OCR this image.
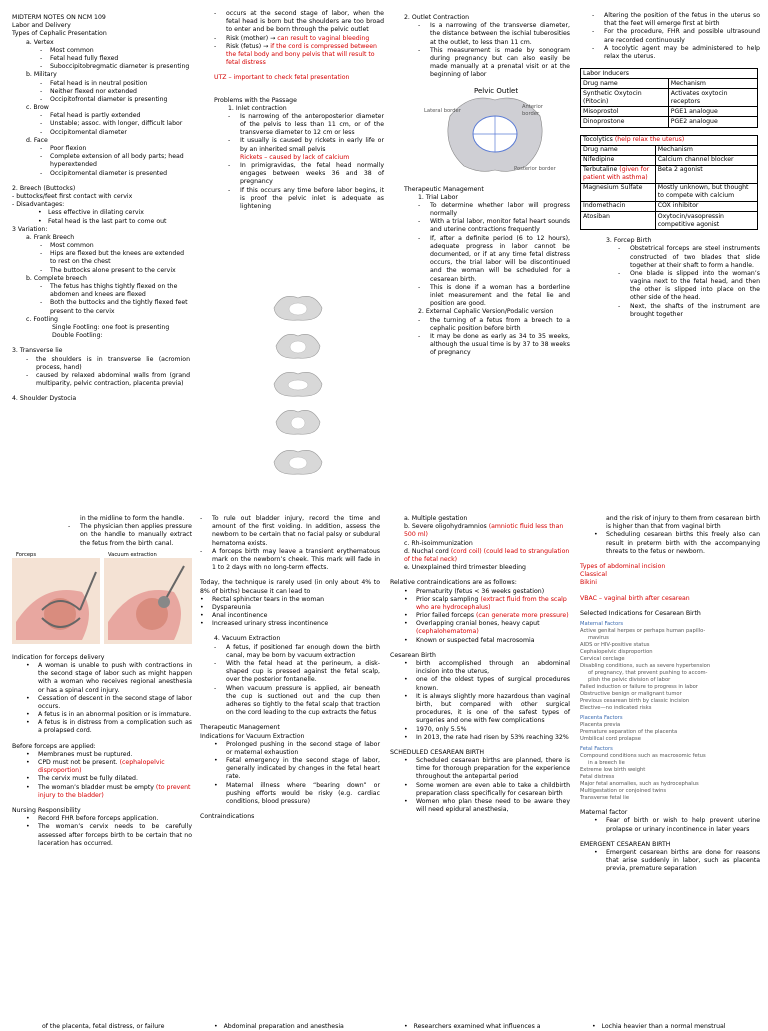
MIDTERM NOTES ON NCM 109

Labor and Delivery

Types of Cephalic Presentation

a. Vertex

-	Most common
-	Fetal head fully flexed
-	Suboccipitobregmatic diameter is presenting

b. Military

-	Fetal head is in neutral position
-	Neither flexed nor extended
-	Occipitofrontal diameter is presenting

c. Brow

-	Fetal head is partly extended
-	Unstable; assoc. with longer, difficult labor
-	Occipitomental diameter

d. Face

-	Poor flexion
-	Complete extension of all body parts; head hyperextended
-	Occipitomental diameter is presented

2. Breech (Buttocks)

- buttocks/feet first contact with cervix

- Disadvantages:

•	Less effective in dilating cervix
•	Fetal head is the last part to come out

3 Variation:

a. Frank Breech

-	Most common
-	Hips are flexed but the knees are extended to rest on the chest
-	The buttocks alone present to the cervix

b. Complete breech

-	The fetus has thighs tightly flexed on the abdomen and knees are flexed
-	Both the buttocks and the tightly flexed feet present to the cervix

c. Footling

Single Footling: one foot is presenting

Double Footling:

3. Transverse lie

-	the shoulders is in transverse lie (acromion process, hand)
-	caused by relaxed abdominal walls from (grand multiparity, pelvic contraction, placenta previa)

4. Shoulder Dystocia

-	occurs at the second stage of labor, when the fetal head is born but the shoulders are too broad to enter and be born through the pelvic outlet
-	Risk (mother) → can result to vaginal bleeding
-	Risk (fetus) → if the cord is compressed between the fetal body and bony pelvis that will result to fetal distress

UTZ – important to check fetal presentation

Problems with the Passage

1. Inlet contraction

-	Is narrowing of the anteroposterior diameter of the pelvis to less than 11 cm, or of the transverse diameter to 12 cm or less
-	It usually is caused by rickets in early life or by an inherited small pelvis

Rickets – caused by lack of calcium

-	In primigravidas, the fetal head normally engages between weeks 36 and 38 of pregnancy
-	If this occurs any time before labor begins, it is proof the pelvic inlet is adequate as lightening

2. Outlet Contraction

-	Is a narrowing of the transverse diameter, the distance between the ischial tuberosities at the outlet, to less than 11 cm.
-	This measurement is made by sonogram during pregnancy but can also easily be made manually at a prenatal visit or at the beginning of labor
Pelvic Outlet
Lateral border
Anterior border
Posterior border

Therapeutic Management

1. Trial Labor

-	To determine whether labor will progress normally
-	With a trial labor, monitor fetal heart sounds and uterine contractions frequently
-	If, after a definite period (6 to 12 hours), adequate progress in labor cannot be documented, or if at any time fetal distress occurs, the trial labor will be discontinued and the woman will be scheduled for a cesarean birth.
-	This is done if a woman has a borderline inlet measurement and the fetal lie and position are good.

2. External Cephalic Version/Podalic version

-	the turning of a fetus from a breech to a cephalic position before birth
-	It may be done as early as 34 to 35 weeks, although the usual time is by 37 to 38 weeks of pregnancy
-	Altering the position of the fetus in the uterus so that the feet will emerge first at birth
-	For the procedure, FHR and possible ultrasound are recorded continuously
-	A tocolytic agent may be administered to help relax the uterus.
Labor Inducers	
Drug name	Mechanism
Synthetic Oxytocin (Pitocin)	Activates oxytocin receptors
Misoprostol	PGE1 analogue
Dinoprostone	PGE2 analogue
Tocolytics (help relax the uterus)	
Drug name	Mechanism
Nifedipine	Calcium channel blocker
Terbutaline (given for patient with asthma)	Beta 2 agonist
Magnesium Sulfate	Mostly unknown, but thought to compete with calcium
Indomethacin	COX inhibitor
Atosiban	Oxytocin/vasopressin competitive agonist

3. Forcep Birth

-	Obstetrical forceps are steel instruments constructed of two blades that slide together at their shaft to form a handle.
-	One blade is slipped into the woman’s vagina next to the fetal head, and then the other is slipped into place on the other side of the head.
-	Next, the shafts of the instrument are brought together
in the midline to form the handle.
-	The physician then applies pressure on the handle to manually extract the fetus from the birth canal.
Forceps	Vacuum extraction

Indication for forceps delivery

•	A woman is unable to push with contractions in the second stage of labor such as might happen with a woman who receives regional anesthesia or has a spinal cord injury.
•	Cessation of descent in the second stage of labor occurs.
•	A fetus is in an abnormal position or is immature.
•	A fetus is in distress from a complication such as a prolapsed cord.

Before forceps are applied:

•	Membranes must be ruptured.
•	CPD must not be present. (cephalopelvic disproportion)
•	The cervix must be fully dilated.
•	The woman’s bladder must be empty (to prevent injury to the bladder)

Nursing Responsibility

•	Record FHR before forceps application.
•	The woman’s cervix needs to be carefully assessed after forceps birth to be certain that no laceration has occurred.

of the placenta, fetal distress, or failure

-	To rule out bladder injury, record the time and amount of the first voiding. In addition, assess the newborn to be certain that no facial palsy or subdural hematoma exists.
-	A forceps birth may leave a transient erythematous mark on the newborn’s cheek. This mark will fade in 1 to 2 days with no long-term effects.

Today, the technique is rarely used (in only about 4% to 8% of births) because it can lead to

•	Rectal sphincter tears in the woman
•	Dyspareunia
•	Anal incontinence
•	Increased urinary stress incontinence

4. Vacuum Extraction

-	A fetus, if positioned far enough down the birth canal, may be born by vacuum extraction
-	With the fetal head at the perineum, a disk-shaped cup is pressed against the fetal scalp, over the posterior fontanelle.
-	When vacuum pressure is applied, air beneath the cup is suctioned out and the cup then adheres so tightly to the fetal scalp that traction on the cord leading to the cup extracts the fetus

Therapeutic Management

Indications for Vacuum Extraction

•	Prolonged pushing in the second stage of labor or maternal exhaustion
•	Fetal emergency in the second stage of labor, generally indicated by changes in the fetal heart rate.
•	Maternal illness where “bearing down” or pushing efforts would be risky (e.g. cardiac conditions, blood pressure)

Contraindications

•   Abdominal preparation and anesthesia

a. Multiple gestation

b. Severe oligohydramnios (amniotic fluid less than 500 ml)

c. Rh-isoimmunization

d. Nuchal cord (cord coil) (could lead to strangulation of the fetal neck)

e. Unexplained third trimester bleeding

Relative contraindications are as follows:

•	Prematurity (fetus < 36 weeks gestation)
•	Prior scalp sampling (extract fluid from the scalp who are hydrocephalus)
•	Prior failed forceps (can generate more pressure)
•	Overlapping cranial bones, heavy caput (cephalohematoma)
•	Known or suspected fetal macrosomia

Cesarean Birth

•	birth accomplished through an abdominal incision into the uterus,
•	one of the oldest types of surgical procedures known.
•	It is always slightly more hazardous than vaginal birth, but compared with other surgical procedures, it is one of the safest types of surgeries and one with few complications
•	1970, only 5.5%
•	In 2013, the rate had risen by 53% reaching 32%

SCHEDULED CESAREAN BIRTH

•	Scheduled cesarean births are planned, there is time for thorough preparation for the experience throughout the antepartal period
•	Some women are even able to take a childbirth preparation class specifically for cesarean birth
•	Women who plan these need to be aware they will need epidural anesthesia,

•   Researchers examined what influences a

and the risk of injury to them from cesarean birth is higher than that from vaginal birth
•	Scheduling cesarean births this freely also can result in preterm birth with the accompanying threats to the fetus or newborn.

Types of abdominal incision

Classical

Bikini

VBAC – vaginal birth after cesarean

Selected Indications for Cesarean Birth

Maternal Factors

Active genital herpes or perhaps human papillo-

mavirus

AIDS or HIV-positive status

Cephalopelvic disproportion

Cervical cerclage

Disabling conditions, such as severe hypertension

of pregnancy, that prevent pushing to accom-

plish the pelvic division of labor

Failed induction or failure to progress in labor

Obstructive benign or malignant tumor

Previous cesarean birth by classic incision

Elective—no indicated risks

Placenta Factors

Placenta previa

Premature separation of the placenta

Umbilical cord prolapse

Fetal Factors

Compound conditions such as macrosomic fetus

in a breech lie

Extreme low birth weight

Fetal distress

Major fetal anomalies, such as hydrocephalus

Multigestation or conjoined twins

Transverse fetal lie

Maternal factor

•	Fear of birth or wish to help prevent uterine prolapse or urinary incontinence in later years

EMERGENT CESAREAN BIRTH

•	Emergent cesarean births are done for reasons that arise suddenly in labor, such as placenta previa, premature separation

•   Lochia heavier than a normal menstrual
